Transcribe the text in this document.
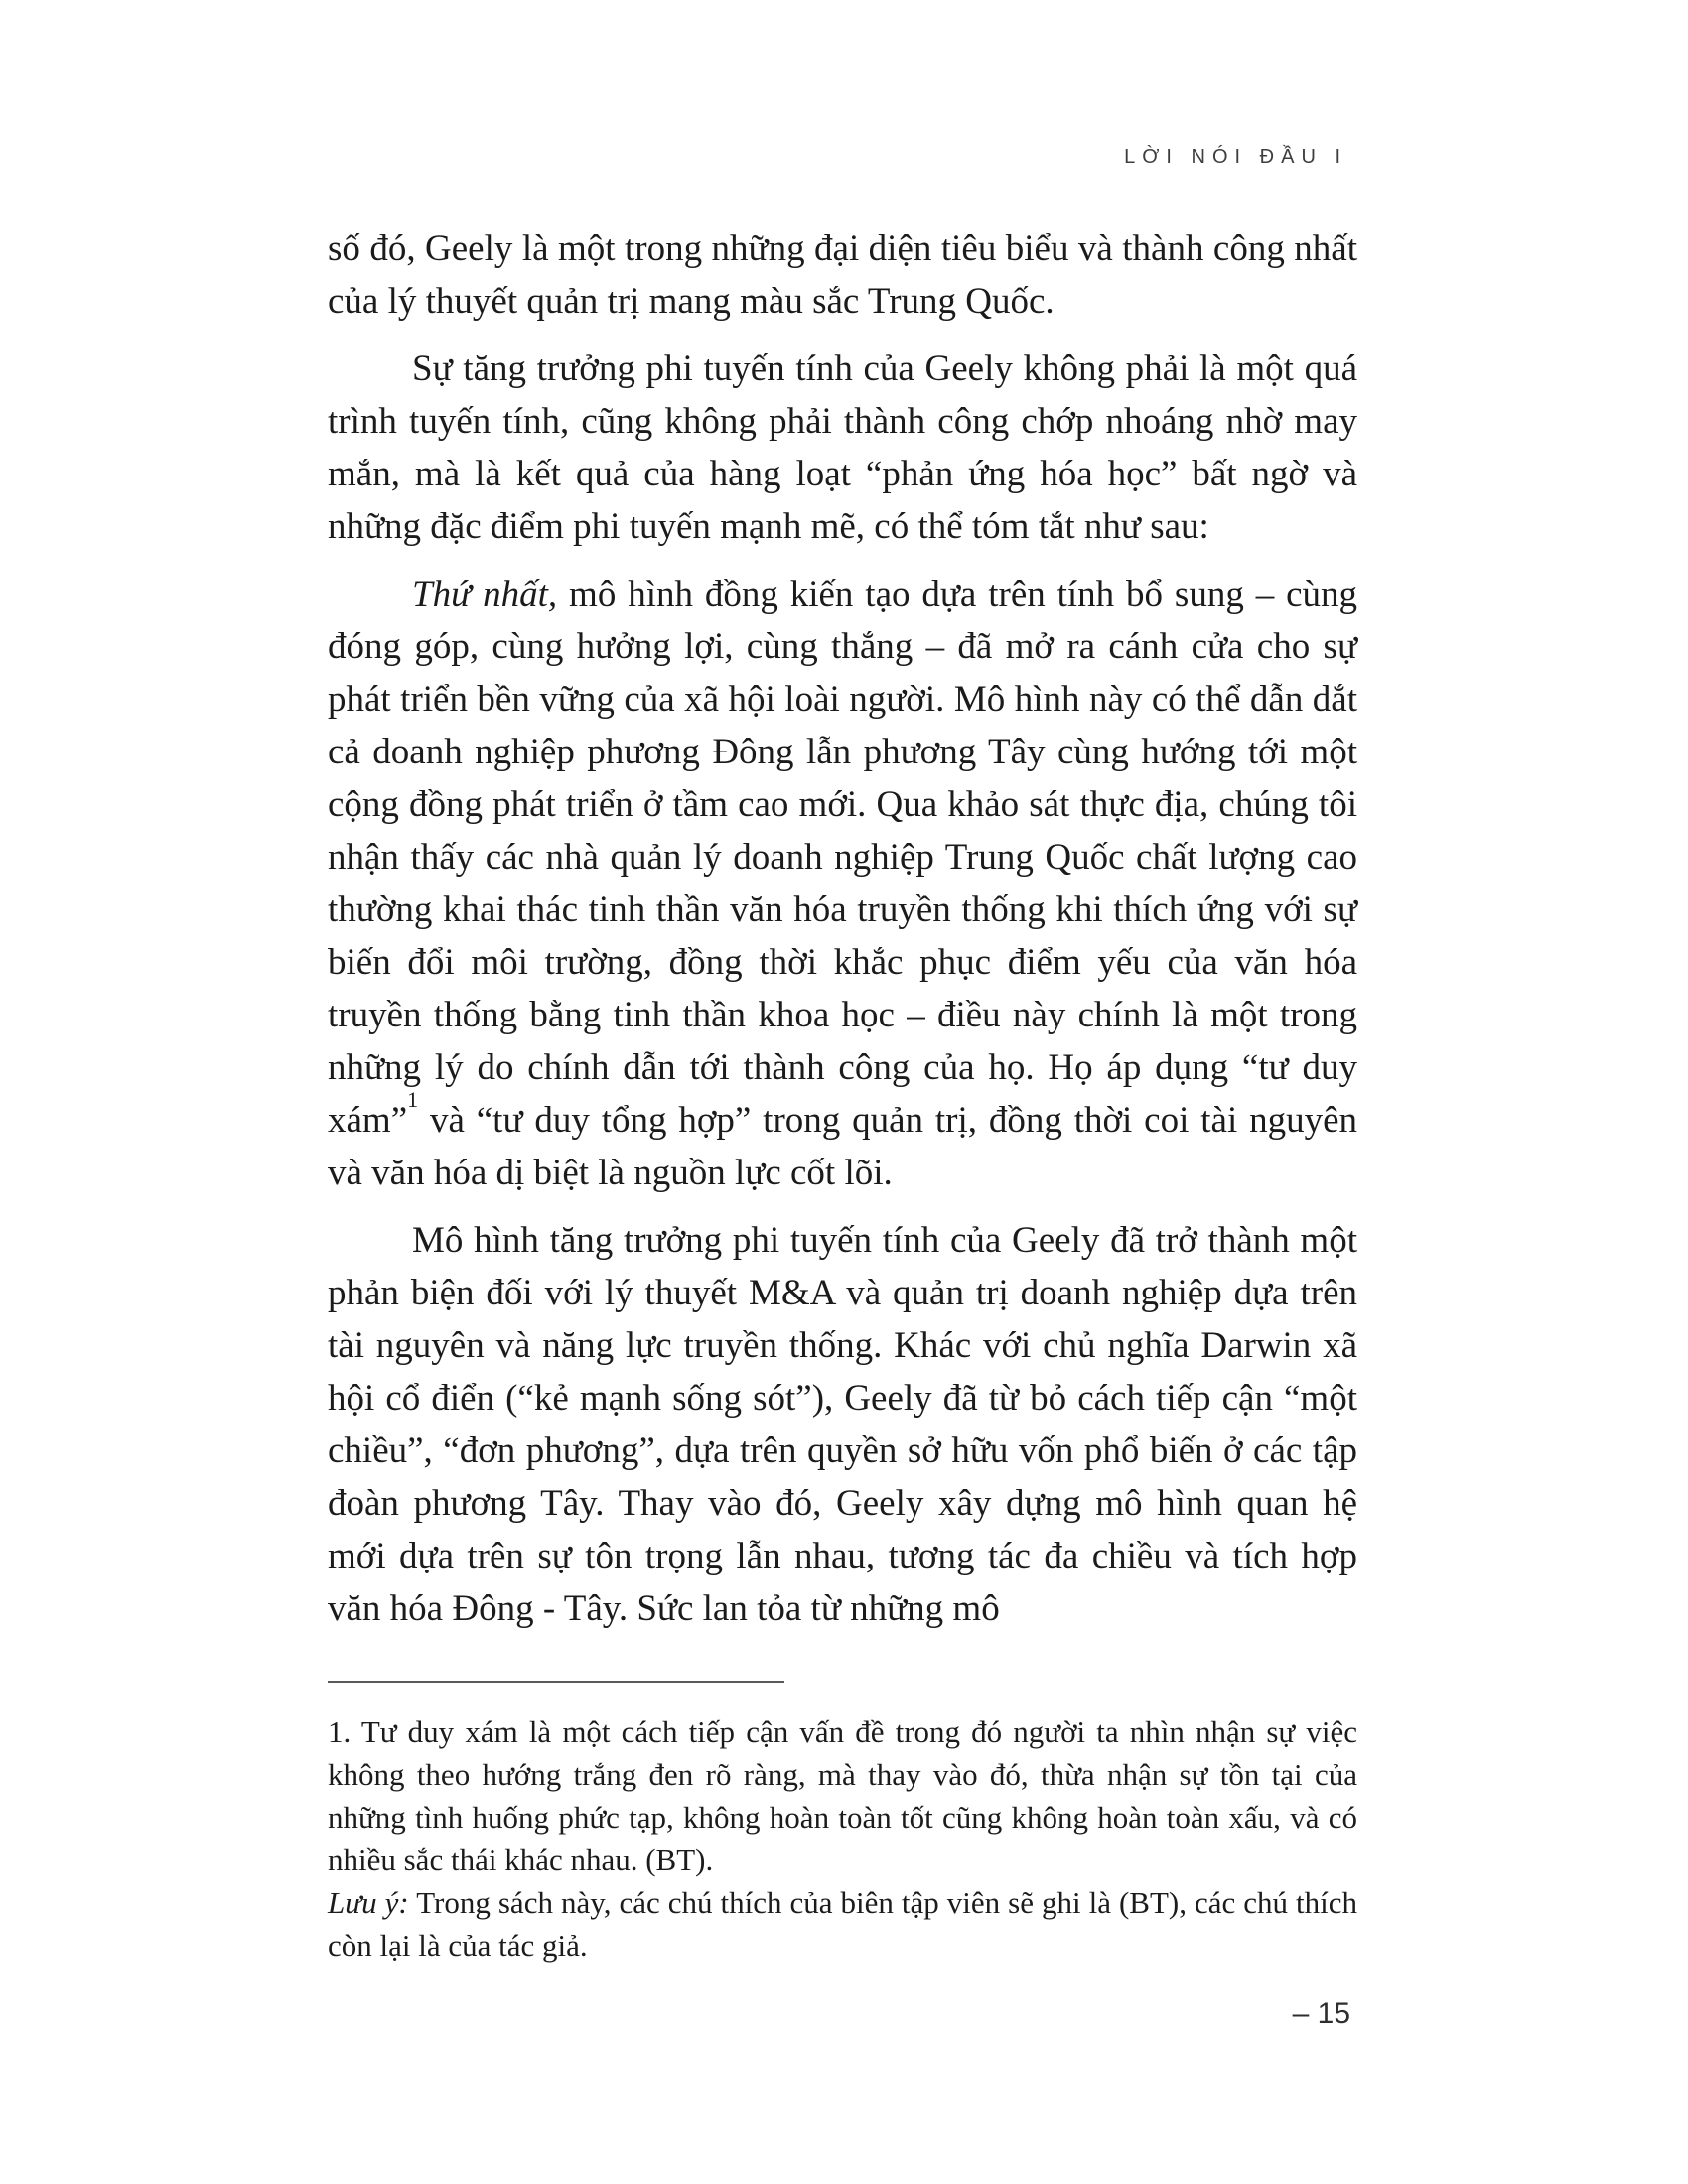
LỜI NÓI ĐẦU I

số đó, Geely là một trong những đại diện tiêu biểu và thành công nhất của lý thuyết quản trị mang màu sắc Trung Quốc.

Sự tăng trưởng phi tuyến tính của Geely không phải là một quá trình tuyến tính, cũng không phải thành công chớp nhoáng nhờ may mắn, mà là kết quả của hàng loạt “phản ứng hóa học” bất ngờ và những đặc điểm phi tuyến mạnh mẽ, có thể tóm tắt như sau:

Thứ nhất, mô hình đồng kiến tạo dựa trên tính bổ sung – cùng đóng góp, cùng hưởng lợi, cùng thắng – đã mở ra cánh cửa cho sự phát triển bền vững của xã hội loài người. Mô hình này có thể dẫn dắt cả doanh nghiệp phương Đông lẫn phương Tây cùng hướng tới một cộng đồng phát triển ở tầm cao mới. Qua khảo sát thực địa, chúng tôi nhận thấy các nhà quản lý doanh nghiệp Trung Quốc chất lượng cao thường khai thác tinh thần văn hóa truyền thống khi thích ứng với sự biến đổi môi trường, đồng thời khắc phục điểm yếu của văn hóa truyền thống bằng tinh thần khoa học – điều này chính là một trong những lý do chính dẫn tới thành công của họ. Họ áp dụng “tư duy xám”$^1$ và “tư duy tổng hợp” trong quản trị, đồng thời coi tài nguyên và văn hóa dị biệt là nguồn lực cốt lõi.

Mô hình tăng trưởng phi tuyến tính của Geely đã trở thành một phản biện đối với lý thuyết M&A và quản trị doanh nghiệp dựa trên tài nguyên và năng lực truyền thống. Khác với chủ nghĩa Darwin xã hội cổ điển (“kẻ mạnh sống sót”), Geely đã từ bỏ cách tiếp cận “một chiều”, “đơn phương”, dựa trên quyền sở hữu vốn phổ biến ở các tập đoàn phương Tây. Thay vào đó, Geely xây dựng mô hình quan hệ mới dựa trên sự tôn trọng lẫn nhau, tương tác đa chiều và tích hợp văn hóa Đông - Tây. Sức lan tỏa từ những mô

1. Tư duy xám là một cách tiếp cận vấn đề trong đó người ta nhìn nhận sự việc không theo hướng trắng đen rõ ràng, mà thay vào đó, thừa nhận sự tồn tại của những tình huống phức tạp, không hoàn toàn tốt cũng không hoàn toàn xấu, và có nhiều sắc thái khác nhau. (BT).

Lưu ý: Trong sách này, các chú thích của biên tập viên sẽ ghi là (BT), các chú thích còn lại là của tác giả.

– 15
